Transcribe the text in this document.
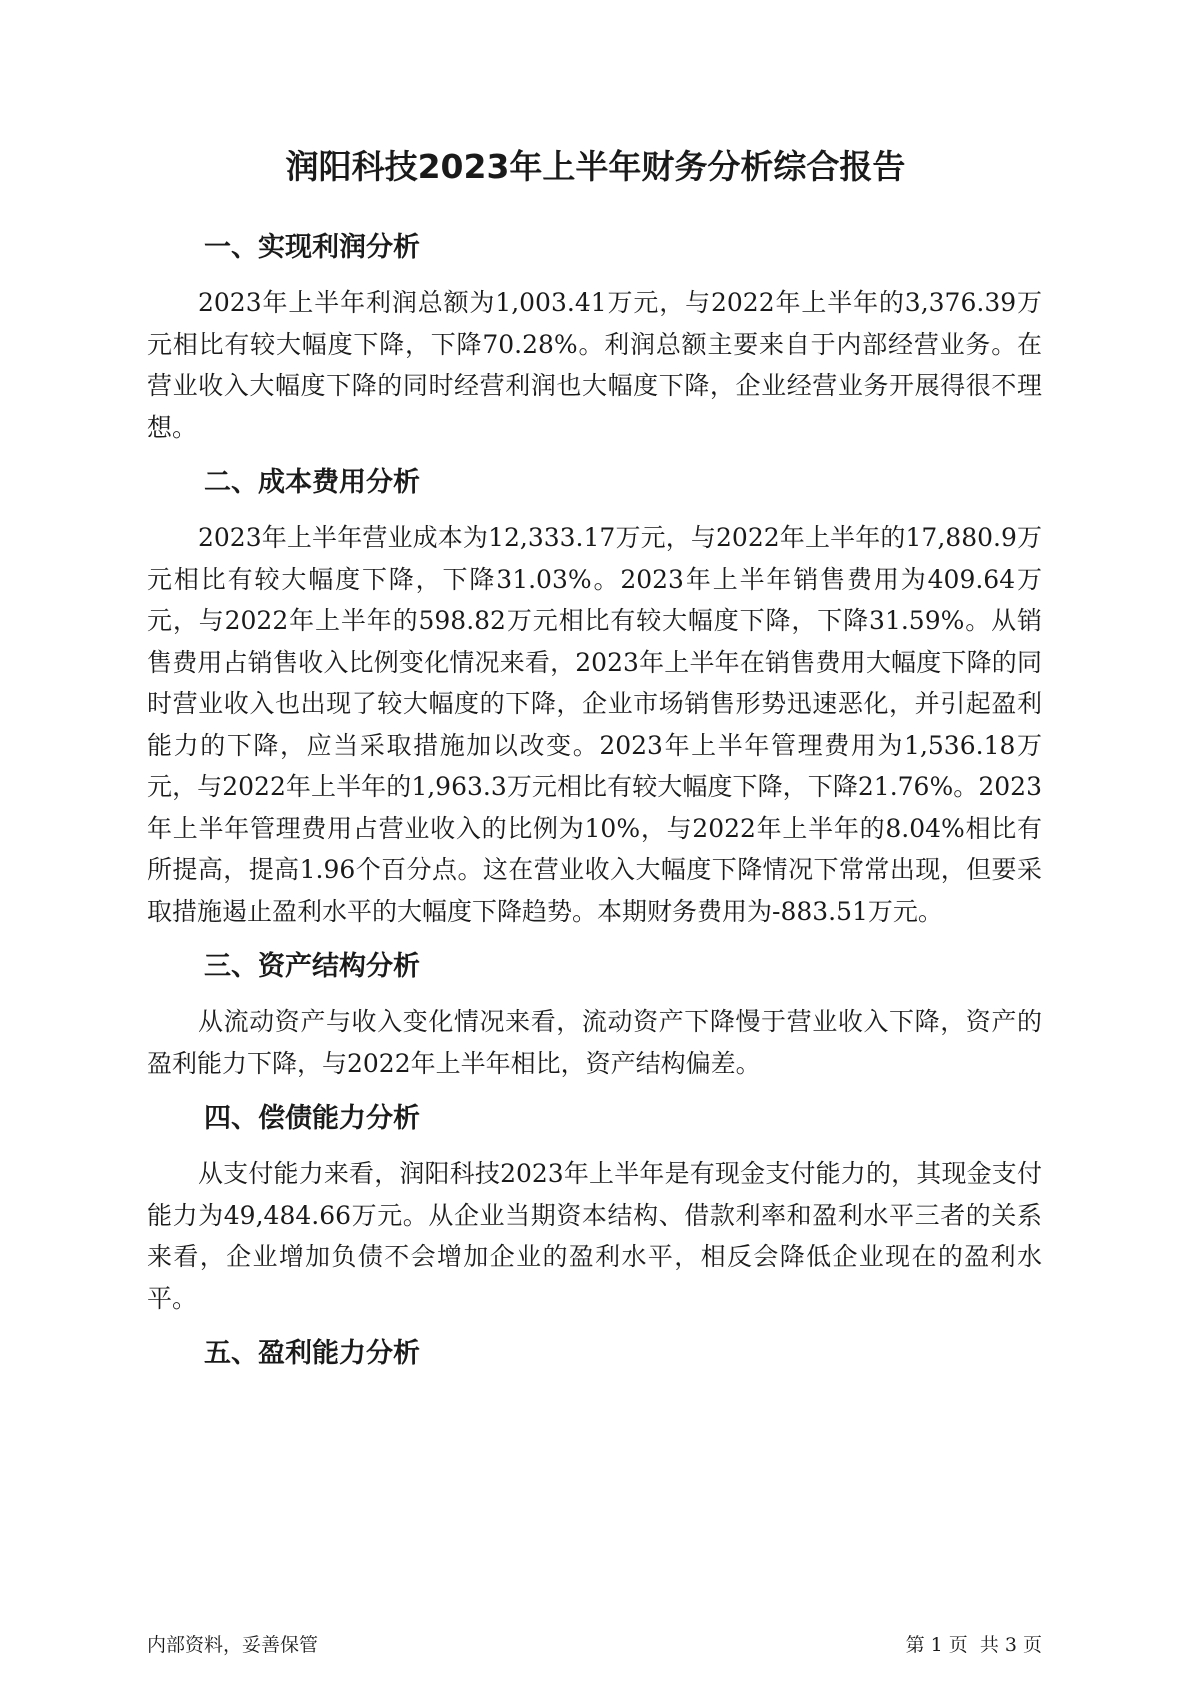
润阳科技2023年上半年财务分析综合报告
一、实现利润分析

2023年上半年利润总额为1,003.41万元，与2022年上半年的3,376.39万元相比有较大幅度下降，下降70.28%。利润总额主要来自于内部经营业务。在营业收入大幅度下降的同时经营利润也大幅度下降，企业经营业务开展得很不理想。

二、成本费用分析

2023年上半年营业成本为12,333.17万元，与2022年上半年的17,880.9万元相比有较大幅度下降，下降31.03%。2023年上半年销售费用为409.64万元，与2022年上半年的598.82万元相比有较大幅度下降，下降31.59%。从销售费用占销售收入比例变化情况来看，2023年上半年在销售费用大幅度下降的同时营业收入也出现了较大幅度的下降，企业市场销售形势迅速恶化，并引起盈利能力的下降，应当采取措施加以改变。2023年上半年管理费用为1,536.18万元，与2022年上半年的1,963.3万元相比有较大幅度下降，下降21.76%。2023年上半年管理费用占营业收入的比例为10%，与2022年上半年的8.04%相比有所提高，提高1.96个百分点。这在营业收入大幅度下降情况下常常出现，但要采取措施遏止盈利水平的大幅度下降趋势。本期财务费用为-883.51万元。

三、资产结构分析

从流动资产与收入变化情况来看，流动资产下降慢于营业收入下降，资产的盈利能力下降，与2022年上半年相比，资产结构偏差。

四、偿债能力分析

从支付能力来看，润阳科技2023年上半年是有现金支付能力的，其现金支付能力为49,484.66万元。从企业当期资本结构、借款利率和盈利水平三者的关系来看，企业增加负债不会增加企业的盈利水平，相反会降低企业现在的盈利水平。

五、盈利能力分析
内部资料，妥善保管	第 1 页  共 3 页
